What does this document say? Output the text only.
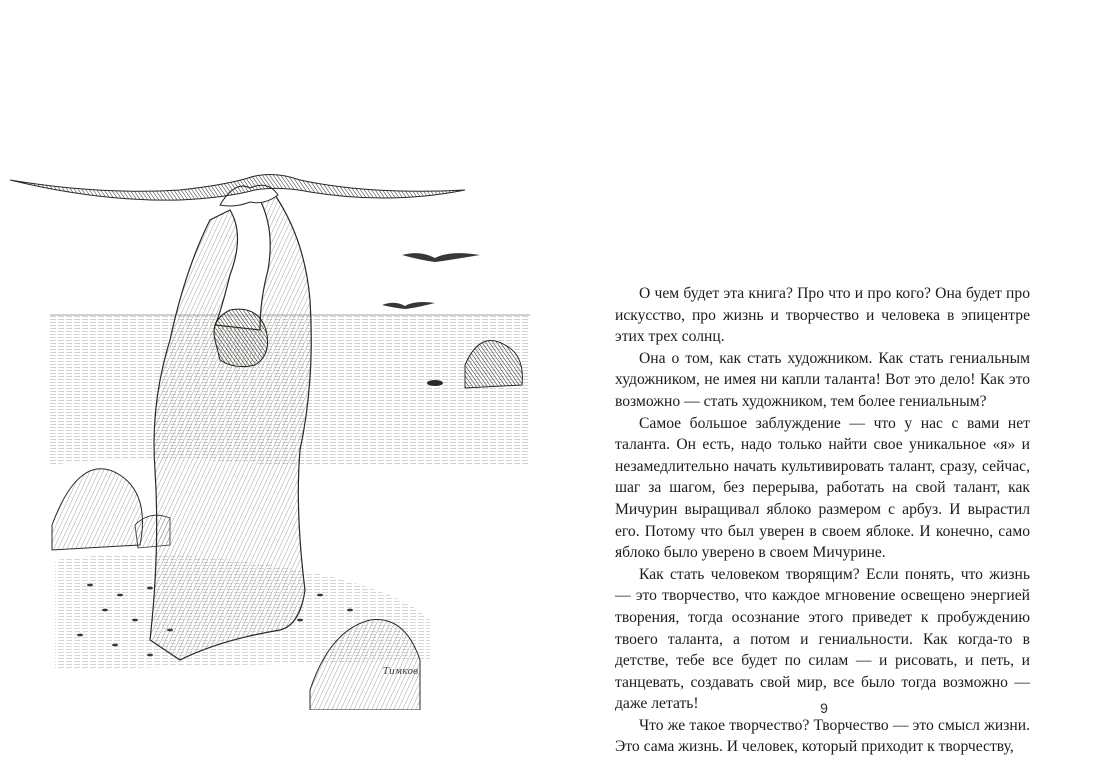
Тимков

О чем будет эта книга? Про что и про кого? Она будет про искусство, про жизнь и творчество и человека в эпицентре этих трех солнц.

Она о том, как стать художником. Как стать гениальным художником, не имея ни капли таланта! Вот это дело! Как это возможно — стать художником, тем более гениальным?

Самое большое заблуждение — что у нас с вами нет таланта. Он есть, надо только найти свое уникальное «я» и незамедлительно начать культивировать талант, сразу, сейчас, шаг за шагом, без перерыва, работать на свой талант, как Мичурин выращивал яблоко размером с арбуз. И вырастил его. Потому что был уверен в своем яблоке. И конечно, само яблоко было уверено в своем Мичурине.

Как стать человеком творящим? Если понять, что жизнь — это творчество, что каждое мгновение освещено энергией творения, тогда осознание этого приведет к пробуждению твоего таланта, а потом и гениальности. Как когда-то в детстве, тебе все будет по силам — и рисовать, и петь, и танцевать, создавать свой мир, все было тогда возможно — даже летать!

Что же такое творчество? Творчество — это смысл жизни. Это сама жизнь. И человек, который приходит к творчеству,

9
